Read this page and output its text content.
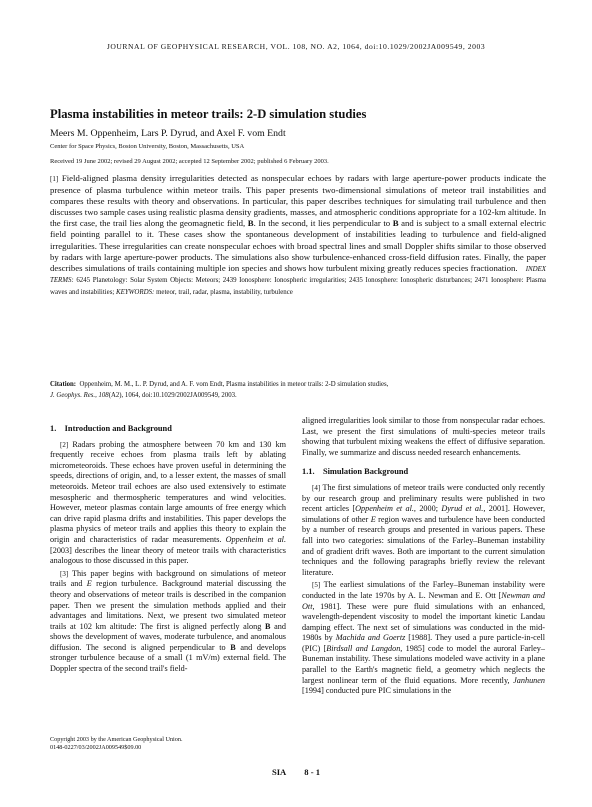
JOURNAL OF GEOPHYSICAL RESEARCH, VOL. 108, NO. A2, 1064, doi:10.1029/2002JA009549, 2003
Plasma instabilities in meteor trails: 2-D simulation studies
Meers M. Oppenheim, Lars P. Dyrud, and Axel F. vom Endt
Center for Space Physics, Boston University, Boston, Massachusetts, USA
Received 19 June 2002; revised 29 August 2002; accepted 12 September 2002; published 6 February 2003.
[1] Field-aligned plasma density irregularities detected as nonspecular echoes by radars with large aperture-power products indicate the presence of plasma turbulence within meteor trails. This paper presents two-dimensional simulations of meteor trail instabilities and compares these results with theory and observations. In particular, this paper describes techniques for simulating trail turbulence and then discusses two sample cases using realistic plasma density gradients, masses, and atmospheric conditions appropriate for a 102-km altitude. In the first case, the trail lies along the geomagnetic field, B. In the second, it lies perpendicular to B and is subject to a small external electric field pointing parallel to it. These cases show the spontaneous development of instabilities leading to turbulence and field-aligned irregularities. These irregularities can create nonspecular echoes with broad spectral lines and small Doppler shifts similar to those observed by radars with large aperture-power products. The simulations also show turbulence-enhanced cross-field diffusion rates. Finally, the paper describes simulations of trails containing multiple ion species and shows how turbulent mixing greatly reduces species fractionation. INDEX TERMS: 6245 Planetology: Solar System Objects: Meteors; 2439 Ionosphere: Ionospheric irregularities; 2435 Ionosphere: Ionospheric disturbances; 2471 Ionosphere: Plasma waves and instabilities; KEYWORDS: meteor, trail, radar, plasma, instability, turbulence
Citation: Oppenheim, M. M., L. P. Dyrud, and A. F. vom Endt, Plasma instabilities in meteor trails: 2-D simulation studies,
J. Geophys. Res., 108(A2), 1064, doi:10.1029/2002JA009549, 2003.
1.    Introduction and Background

[2] Radars probing the atmosphere between 70 km and 130 km frequently receive echoes from plasma trails left by ablating micrometeoroids. These echoes have proven useful in determining the speeds, directions of origin, and, to a lesser extent, the masses of small meteoroids. Meteor trail echoes are also used extensively to estimate mesospheric and thermospheric temperatures and wind velocities. However, meteor plasmas contain large amounts of free energy which can drive rapid plasma drifts and instabilities. This paper develops the plasma physics of meteor trails and applies this theory to explain the origin and characteristics of radar measurements. Oppenheim et al. [2003] describes the linear theory of meteor trails with characteristics analogous to those discussed in this paper.

[3] This paper begins with background on simulations of meteor trails and E region turbulence. Background material discussing the theory and observations of meteor trails is described in the companion paper. Then we present the simulation methods applied and their advantages and limitations. Next, we present two simulated meteor trails at 102 km altitude: The first is aligned perfectly along B and shows the development of waves, moderate turbulence, and anomalous diffusion. The second is aligned perpendicular to B and develops stronger turbulence because of a small (1 mV/m) external field. The Doppler spectra of the second trail's field-

aligned irregularities look similar to those from nonspecular radar echoes. Last, we present the first simulations of multi-species meteor trails showing that turbulent mixing weakens the effect of diffusive separation. Finally, we summarize and discuss needed research enhancements.

1.1.    Simulation Background

[4] The first simulations of meteor trails were conducted only recently by our research group and preliminary results were published in two recent articles [Oppenheim et al., 2000; Dyrud et al., 2001]. However, simulations of other E region waves and turbulence have been conducted by a number of research groups and presented in various papers. These fall into two categories: simulations of the Farley–Buneman instability and of gradient drift waves. Both are important to the current simulation techniques and the following paragraphs briefly review the relevant literature.

[5] The earliest simulations of the Farley–Buneman instability were conducted in the late 1970s by A. L. Newman and E. Ott [Newman and Ott, 1981]. These were pure fluid simulations with an enhanced, wavelength-dependent viscosity to model the important kinetic Landau damping effect. The next set of simulations was conducted in the mid-1980s by Machida and Goertz [1988]. They used a pure particle-in-cell (PIC) [Birdsall and Langdon, 1985] code to model the auroral Farley–Buneman instability. These simulations modeled wave activity in a plane parallel to the Earth's magnetic field, a geometry which neglects the largest nonlinear term of the fluid equations. More recently, Janhunen [1994] conducted pure PIC simulations in the

Copyright 2003 by the American Geophysical Union.
0148-0227/03/2002JA009549$09.00
SIA 8 - 1
